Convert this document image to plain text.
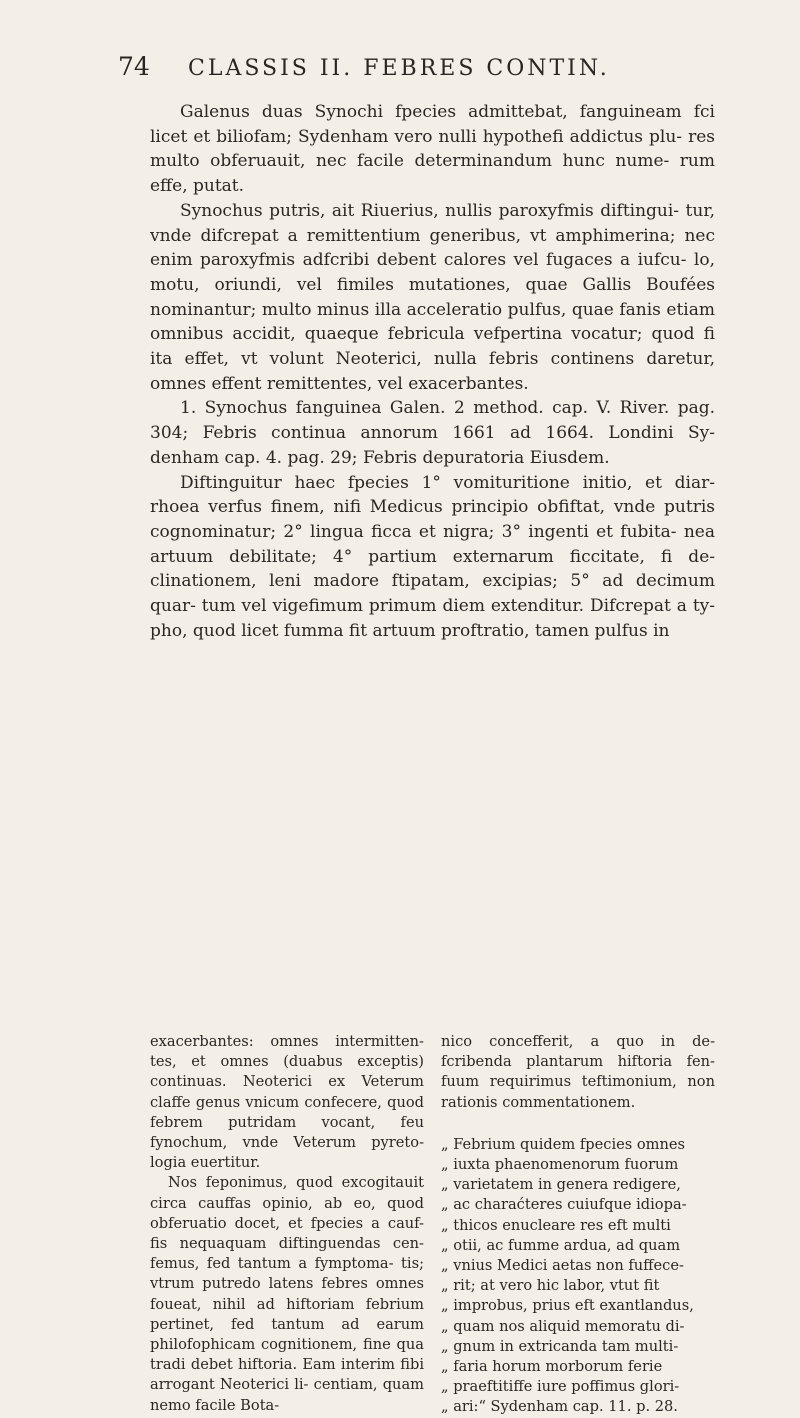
74	CLASSIS II. FEBRES CONTIN.

Galenus duas Synochi fpecies admittebat, fanguineam fci licet et biliofam; Sydenham vero nulli hypothefi addictus plu- res multo obferuauit, nec facile determinandum hunc nume- rum effe, putat.

Synochus putris, ait Riuerius, nullis paroxyfmis diftingui- tur, vnde difcrepat a remittentium generibus, vt amphimerina; nec enim paroxyfmis adfcribi debent calores vel fugaces a iufcu- lo, motu, oriundi, vel fimiles mutationes, quae Gallis Boufées nominantur; multo minus illa acceleratio pulfus, quae fanis etiam omnibus accidit, quaeque febricula vefpertina vocatur; quod fi ita effet, vt volunt Neoterici, nulla febris continens daretur, omnes effent remittentes, vel exacerbantes.

1. Synochus fanguinea Galen. 2 method. cap. V. River. pag. 304; Febris continua annorum 1661 ad 1664. Londini Sy- denham cap. 4. pag. 29; Febris depuratoria Eiusdem.

Diftinguitur haec fpecies 1° vomituritione initio, et diar- rhoea verfus finem, nifi Medicus principio obfiftat, vnde putris cognominatur; 2° lingua ficca et nigra; 3° ingenti et fubita- nea artuum debilitate; 4° partium externarum ficcitate, fi de- clinationem, leni madore ftipatam, excipias; 5° ad decimum quar- tum vel vigefimum primum diem extenditur. Difcrepat a ty- pho, quod licet fumma fit artuum proftratio, tamen pulfus in

exacerbantes: omnes intermitten- tes, et omnes (duabus exceptis) continuas. Neoterici ex Veterum claffe genus vnicum confecere, quod febrem putridam vocant, feu fynochum, vnde Veterum pyreto- logia euertitur.

Nos feponimus, quod excogitauit circa cauffas opinio, ab eo, quod obferuatio docet, et fpecies a cauf- fis nequaquam diftinguendas cen- femus, fed tantum a fymptoma- tis; vtrum putredo latens febres omnes foueat, nihil ad hiftoriam febrium pertinet, fed tantum ad earum philofophicam cognitionem, fine qua tradi debet hiftoria. Eam interim fibi arrogant Neoterici li- centiam, quam nemo facile Bota-

nico concefferit, a quo in de- fcribenda plantarum hiftoria fen- fuum requirimus teftimonium, non rationis commentationem.

„ Febrium quidem fpecies omnes
„ iuxta phaenomenorum fuorum
„ varietatem in genera redigere,
„ ac charaćteres cuiufque idiopa-
„ thicos enucleare res eft multi
„ otii, ac fumme ardua, ad quam
„ vnius Medici aetas non fuffece-
„ rit; at vero hic labor, vtut fit
„ improbus, prius eft exantlandus,
„ quam nos aliquid memoratu di-
„ gnum in extricanda tam multi-
„ faria horum morborum ferie
„ praeftitiffe iure poffimus glori-
„ ari:“ Sydenham cap. 11. p. 28.
